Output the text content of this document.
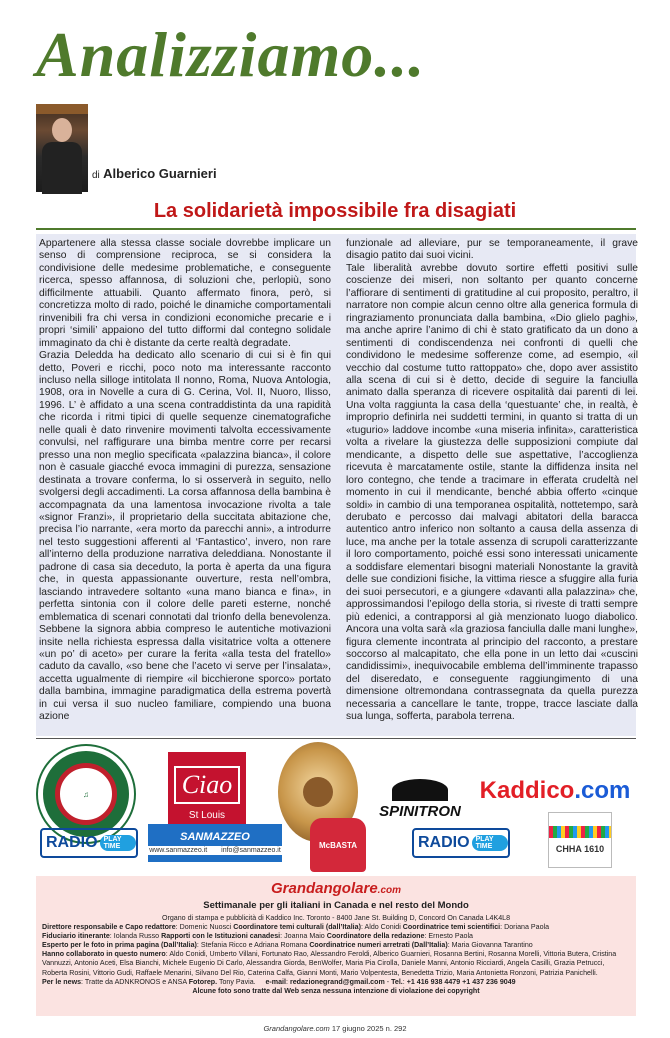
Analizziamo...
di Alberico Guarnieri
La solidarietà impossibile fra disagiati

Appartenere alla stessa classe sociale dovrebbe implicare un senso di comprensione reciproca, se si considera la condivisione delle medesime problematiche, e conseguente ricerca, spesso affannosa, di soluzioni che, perlopiù, sono difficilmente attuabili. Quanto affermato finora, però, si concretizza molto di rado, poiché le dinamiche comportamentali rinvenibili fra chi versa in condizioni economiche precarie e i propri ‘simili’ appaiono del tutto difformi dal contegno solidale immaginato da chi è distante da certe realtà degradate.

Grazia Deledda ha dedicato allo scenario di cui si è fin qui detto, Poveri e ricchi, poco noto ma interessante racconto incluso nella silloge intitolata Il nonno, Roma, Nuova Antologia, 1908, ora in Novelle a cura di G. Cerina, Vol. II, Nuoro, Ilisso, 1996. L’ è affidato a una scena contraddistinta da una rapidità che ricorda i ritmi tipici di quelle sequenze cinematografiche nelle quali è dato rinvenire movimenti talvolta eccessivamente convulsi, nel raffigurare una bimba mentre corre per recarsi presso una non meglio specificata «palazzina bianca», il colore non è casuale giacché evoca immagini di purezza, sensazione destinata a trovare conferma, lo si osserverà in seguito, nello svolgersi degli accadimenti. La corsa affannosa della bambina è accompagnata da una lamentosa invocazione rivolta a tale «signor Franzi», il proprietario della succitata abitazione che, precisa l’io narrante, «era morto da parecchi anni», a introdurre nel testo suggestioni afferenti al ‘Fantastico’, invero, non rare all’interno della produzione narrativa deleddiana. Nonostante il padrone di casa sia deceduto, la porta è aperta da una figura che, in questa appassionante ouverture, resta nell’ombra, lasciando intravedere soltanto «una mano bianca e fina», in perfetta sintonia con il colore delle pareti esterne, nonché emblematica di scenari connotati dal trionfo della benevolenza. Sebbene la signora abbia compreso le autentiche motivazioni insite nella richiesta espressa dalla visitatrice volta a ottenere «un po’ di aceto» per curare la ferita «alla testa del fratello» caduto da cavallo, «so bene che l’aceto vi serve per l’insalata», accetta ugualmente di riempire «il bicchierone sporco» portato dalla bambina, immagine paradigmatica della estrema povertà in cui versa il suo nucleo familiare, compiendo una buona azione

funzionale ad alleviare, pur se temporaneamente, il grave disagio patito dai suoi vicini.

Tale liberalità avrebbe dovuto sortire effetti positivi sulle coscienze dei miseri, non soltanto per quanto concerne l’affiorare di sentimenti di gratitudine al cui proposito, peraltro, il narratore non compie alcun cenno oltre alla generica formula di ringraziamento pronunciata dalla bambina, «Dio glielo paghi», ma anche aprire l’animo di chi è stato gratificato da un dono a sentimenti di condiscendenza nei confronti di quelli che condividono le medesime sofferenze come, ad esempio, «il vecchio dal costume tutto rattoppato» che, dopo aver assistito alla scena di cui si è detto, decide di seguire la fanciulla animato dalla speranza di ricevere ospitalità dai parenti di lei. Una volta raggiunta la casa della ‘questuante’ che, in realtà, è improprio definirla nei suddetti termini, in quanto si tratta di un «tugurio» laddove incombe «una miseria infinita», caratteristica volta a rivelare la giustezza delle supposizioni compiute dal mendicante, a dispetto delle sue aspettative, l’accoglienza ricevuta è marcatamente ostile, stante la diffidenza insita nel loro contegno, che tende a tracimare in efferata crudeltà nel momento in cui il mendicante, benché abbia offerto «cinque soldi» in cambio di una temporanea ospitalità, nottetempo, sarà derubato e percosso dai malvagi abitatori della baracca autentico antro inferico non soltanto a causa della assenza di luce, ma anche per la totale assenza di scrupoli caratterizzante il loro comportamento, poiché essi sono interessati unicamente a soddisfare elementari bisogni materiali Nonostante la gravità delle sue condizioni fisiche, la vittima riesce a sfuggire alla furia dei suoi persecutori, e a giungere «davanti alla palazzina» che, approssimandosi l’epilogo della storia, si riveste di tratti sempre più edenici, a contrapporsi al già menzionato luogo diabolico. Ancora una volta sarà «la graziosa fanciulla dalle mani lunghe», figura clemente incontrata al principio del racconto, a prestare soccorso al malcapitato, che ella pone in un letto dai «cuscini candidissimi», inequivocabile emblema dell’imminente trapasso del diseredato, e conseguente raggiungimento di una dimensione oltremondana contrassegnata da quella purezza necessaria a cancellare le tante, troppe, tracce lasciate dalla sua lunga, sofferta, parabola terrena.

♫	Ciao
St Louis	SPINITRON
Kaddico.com
RADIO PLAY TIME
SANMAZZEO
www.sanmazzeo.it info@sanmazzeo.it
McBASTA	RADIO PLAY TIME	CHHA 1610
Grandangolare.com
Settimanale per gli italiani in Canada e nel resto del Mondo
Organo di stampa e pubblicità di Kaddico Inc. Toronto - 8400 Jane St. Building D, Concord On Canada L4K4L8
Direttore responsabile e Capo redattore: Domenic Nuosci Coordinatore temi culturali (dall’Italia): Aldo Conidi Coordinatrice temi scientifici: Doriana Paola
Fiduciario itinerante: Iolanda Russo Rapporti con le Istituzioni canadesi: Joanna Maio Coordinatore della redazione: Ernesto Paola
Esperto per le foto in prima pagina (Dall’Italia): Stefania Ricco e Adriana Romana Coordinatrice numeri arretrati (Dall’Italia): Maria Giovanna Tarantino
Hanno collaborato in questo numero: Aldo Conidi, Umberto Villani, Fortunato Rao, Alessandro Feroldi, Alberico Guarnieri, Rosanna Bertini, Rosanna Morelli, Vittoria Butera, Cristina Vannuzzi, Antonio Aceti, Elsa Bianchi, Michele Eugenio Di Carlo, Alessandra Giorda, BenWolfer, Maria Pia Cirolla, Daniele Manni, Antonio Ricciardi, Angela Casilli, Grazia Petrucci, Roberta Rosini, Vittorio Gudi, Raffaele Menarini, Silvano Del Rio, Caterina Calfa, Gianni Monti, Mario Volpentesta, Benedetta Trizio, Maria Antonietta Ronzoni, Patrizia Panichelli.
Per le news: Tratte da ADNKRONOS e ANSA Fotorep. Tony Pavia. e-mail: redazionegrand@gmail.com - Tel.: +1 416 938 4479 +1 437 236 9049
Alcune foto sono tratte dal Web senza nessuna intenzione di violazione dei copyright
Grandangolare.com 17 giugno 2025 n. 292
